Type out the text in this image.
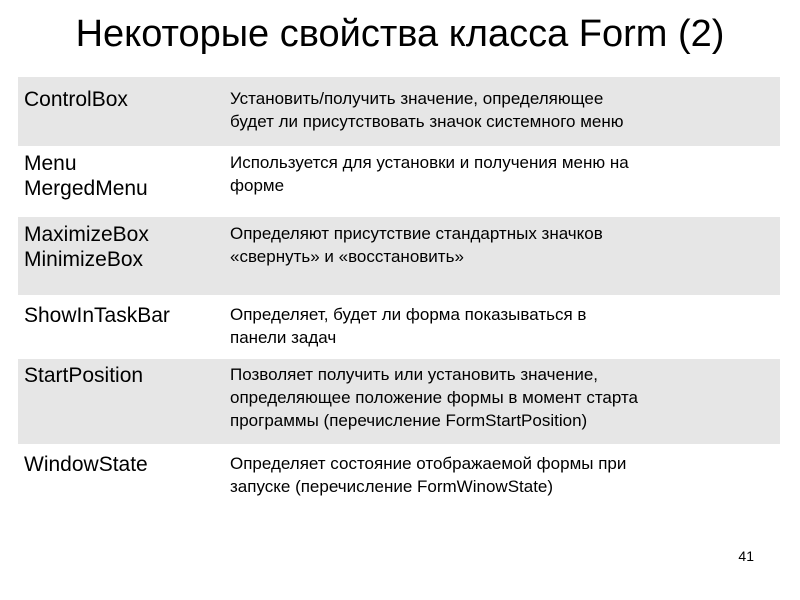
Некоторые свойства класса Form (2)
ControlBox	Установить/получить значение, определяющее
будет ли присутствовать значок системного меню

Menu
MergedMenu	Используется для установки и получения меню на
форме

MaximizeBox
MinimizeBox	Определяют присутствие стандартных значков
«свернуть» и «восстановить»

ShowInTaskBar	Определяет, будет ли форма показываться в
панели задач

StartPosition	Позволяет получить или установить значение,
определяющее положение формы в момент старта
программы (перечисление FormStartPosition)

WindowState	Определяет состояние отображаемой формы при
запуске (перечисление FormWinowState)
41
